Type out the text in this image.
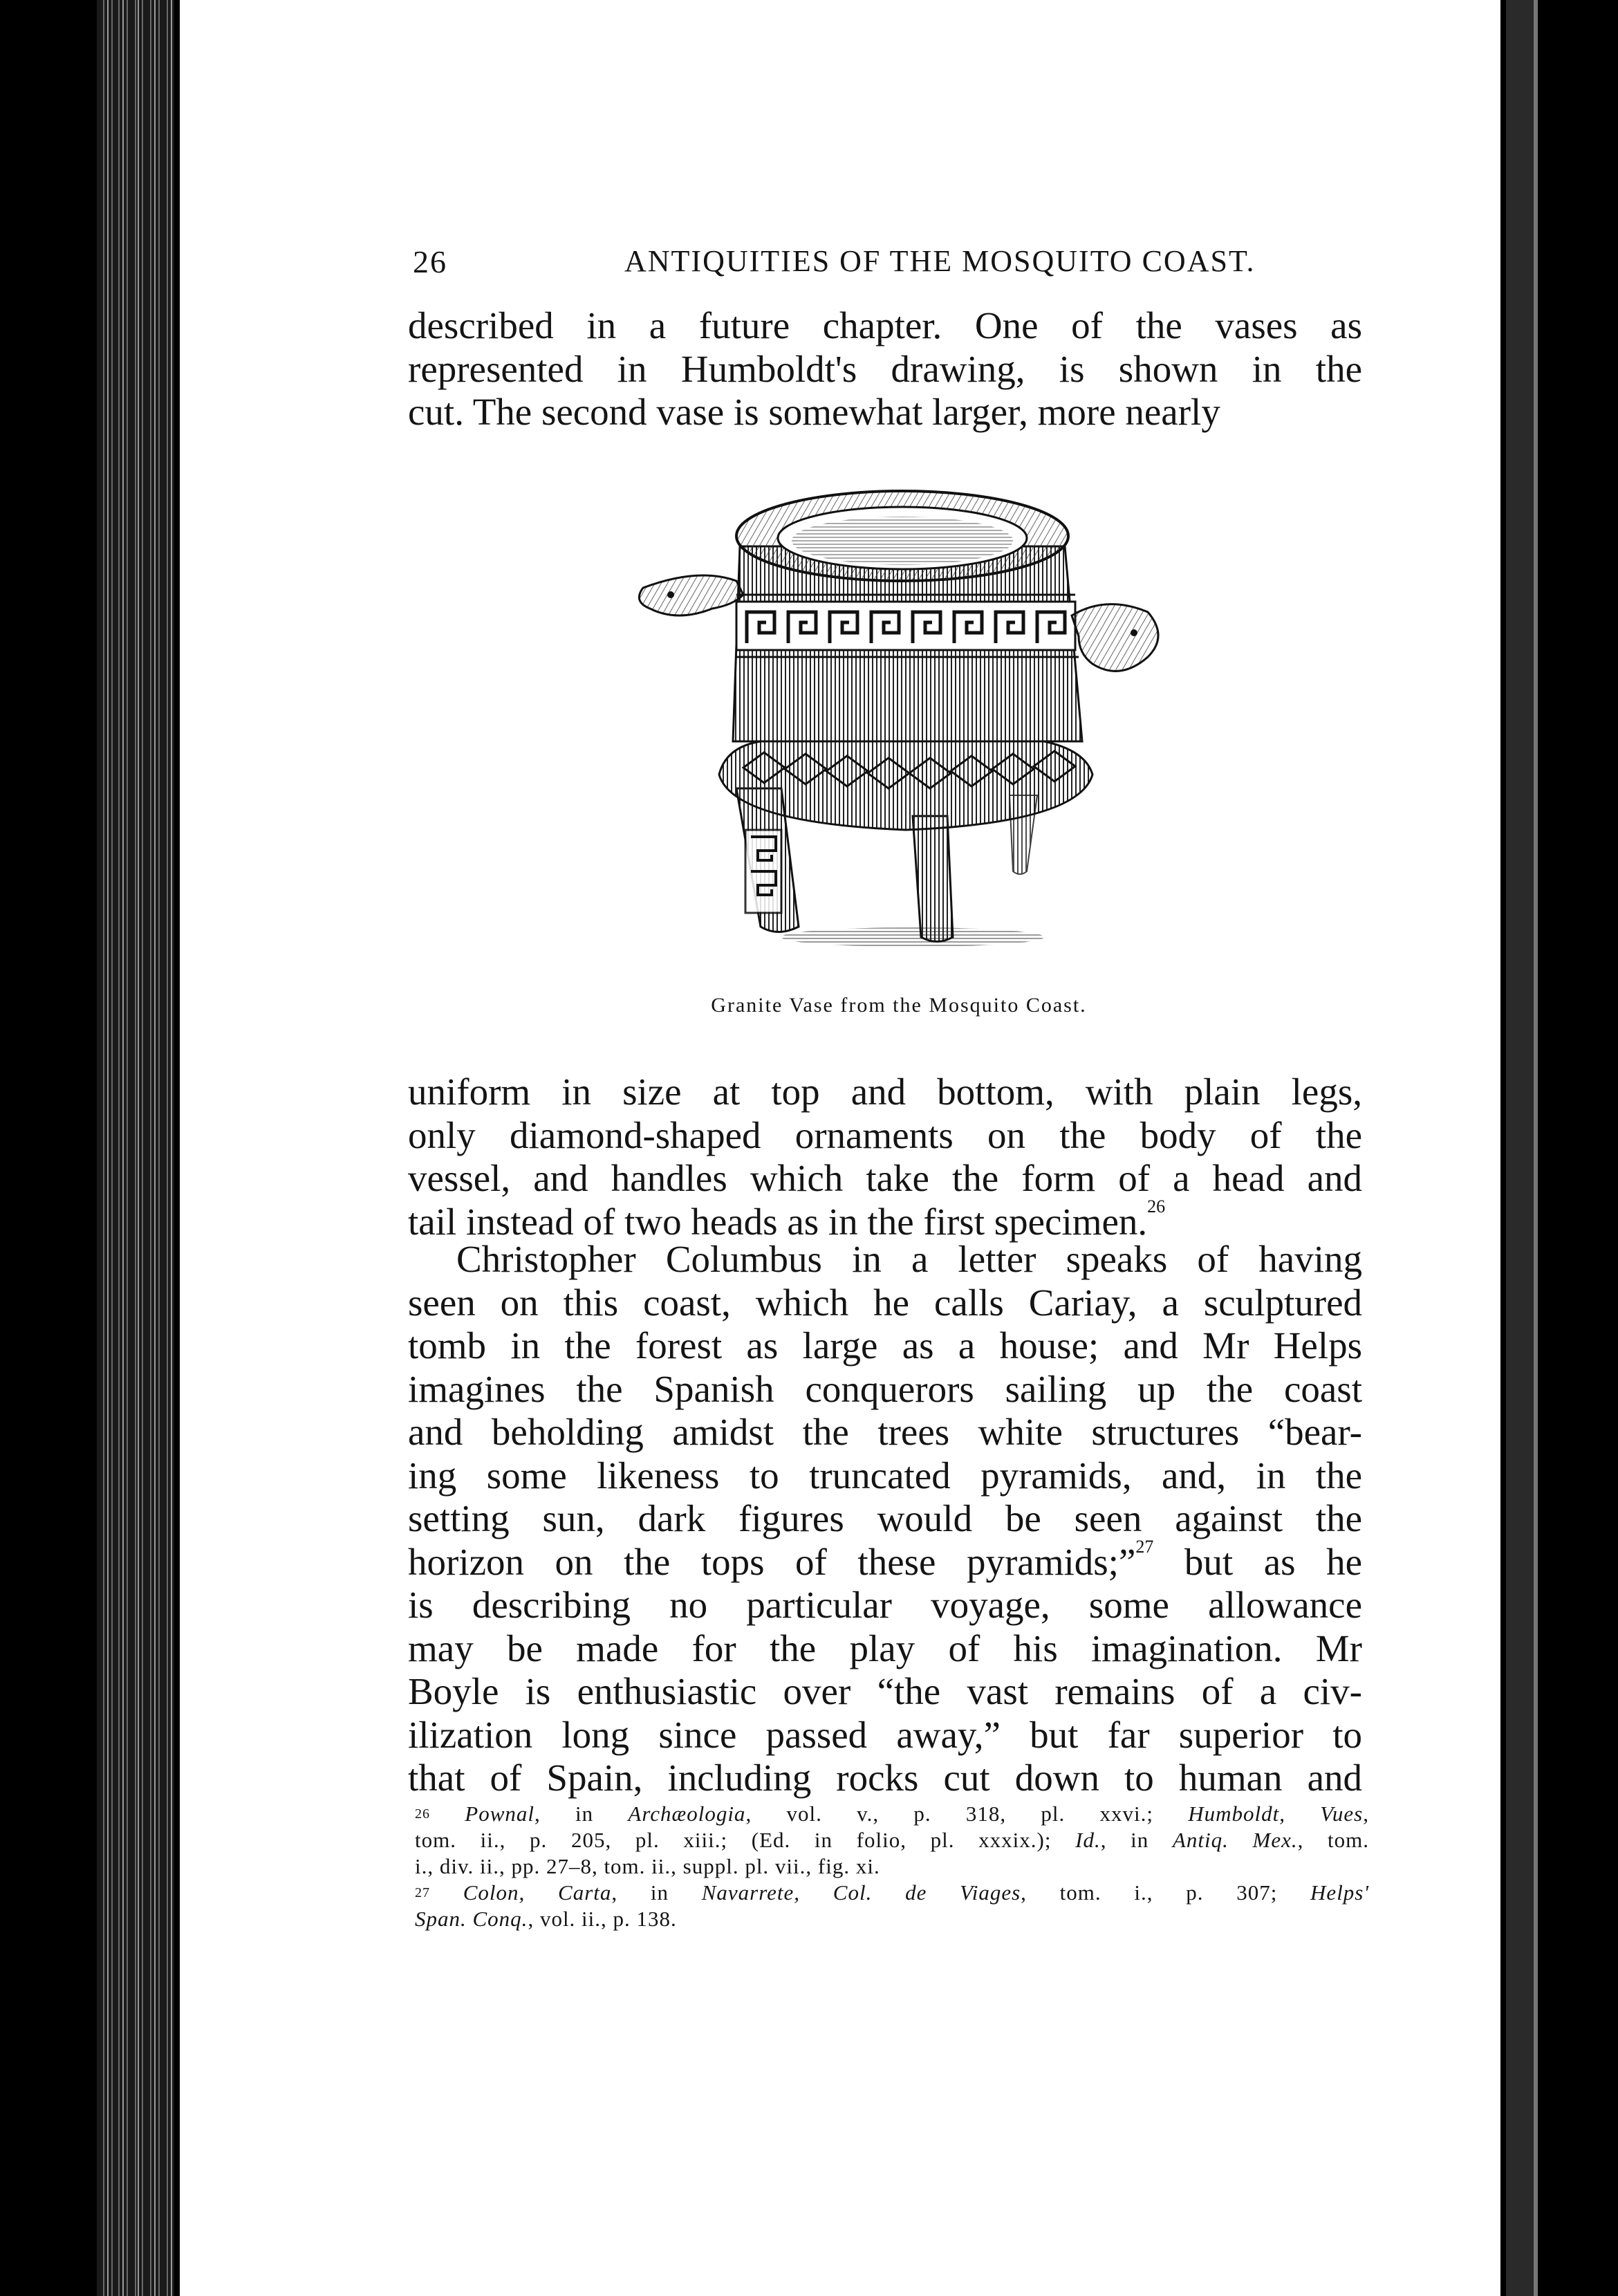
26	ANTIQUITIES OF THE MOSQUITO COAST.
described in a future chapter. One of the vases as
represented in Humboldt's drawing, is shown in the
cut. The second vase is somewhat larger, more nearly
Granite Vase from the Mosquito Coast.
uniform in size at top and bottom, with plain legs,
only diamond-shaped ornaments on the body of the
vessel, and handles which take the form of a head and
tail instead of two heads as in the first specimen.$^{26}$
Christopher Columbus in a letter speaks of having
seen on this coast, which he calls Cariay, a sculptured
tomb in the forest as large as a house; and Mr Helps
imagines the Spanish conquerors sailing up the coast
and beholding amidst the trees white structures “bear-
ing some likeness to truncated pyramids, and, in the
setting sun, dark figures would be seen against the
horizon on the tops of these pyramids;”$^{27}$ but as he
is describing no particular voyage, some allowance
may be made for the play of his imagination. Mr
Boyle is enthusiastic over “the vast remains of a civ-
ilization long since passed away,” but far superior to
that of Spain, including rocks cut down to human and
$^{26}$ Pownal, in Archæologia, vol. v., p. 318, pl. xxvi.; Humboldt, Vues,
tom. ii., p. 205, pl. xiii.; (Ed. in folio, pl. xxxix.); Id., in Antiq. Mex., tom.
i., div. ii., pp. 27–8, tom. ii., suppl. pl. vii., fig. xi.
$^{27}$ Colon, Carta, in Navarrete, Col. de Viages, tom. i., p. 307; Helps'
Span. Conq., vol. ii., p. 138.
